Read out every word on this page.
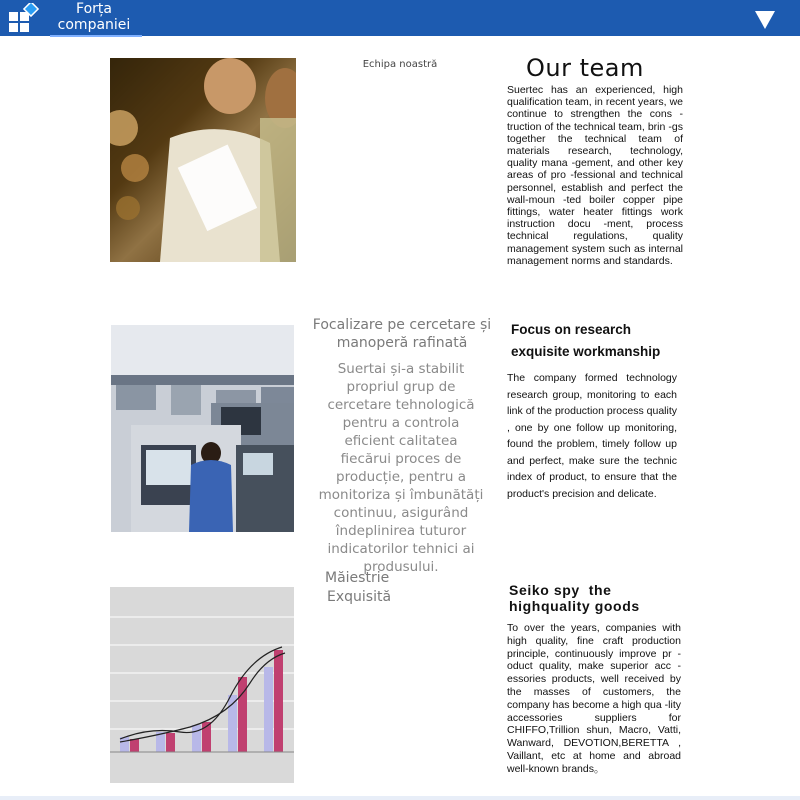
Forța companiei
Echipa noastră	Our team
Suertec has an experienced, high qualification team, in recent years, we continue to strengthen the cons -truction of the technical team, brin -gs together the technical team of materials research, technology, quality mana -gement, and other key areas of pro -fessional and technical personnel, establish and perfect the wall-moun -ted boiler copper pipe fittings, water heater fittings work instruction docu -ment, process technical regulations, quality management system such as internal management norms and standards.
Focalizare pe cercetare și manoperă rafinată
Suertai și-a stabilit propriul grup de cercetare tehnologică pentru a controla eficient calitatea fiecărui proces de producție, pentru a monitoriza și îmbunătăți continuu, asigurând îndeplinirea tuturor indicatorilor tehnici ai produsului.
Focus on research
exquisite workmanship
The company formed technology research group, monitoring to each link of the production process quality , one by one follow up monitoring, found the problem, timely follow up and perfect, make sure the technic index of product, to ensure that the product's precision and delicate.
Măiestrie
Exquisită	Seiko spy  the
highquality goods
To over the years, companies with high quality, fine craft production principle, continuously improve pr -oduct quality, make superior acc -essories products, well received by the masses of customers, the company has become a high qua -lity accessories suppliers for CHIFFO,Trillion shun, Macro, Vatti, Wanward, DEVOTION,BERETTA , Vaillant, etc at home and abroad well-known brands。
